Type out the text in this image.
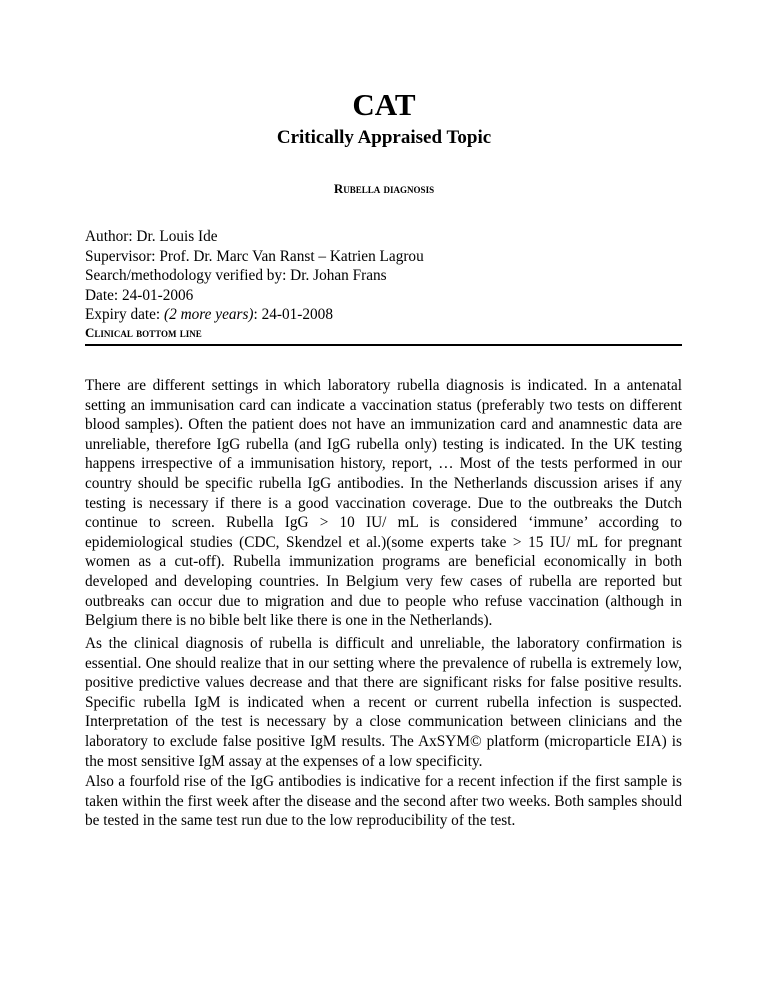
CAT
Critically Appraised Topic
Rubella diagnosis
Author: Dr. Louis Ide
Supervisor: Prof. Dr. Marc Van Ranst – Katrien Lagrou
Search/methodology verified by: Dr. Johan Frans
Date: 24-01-2006
Expiry date: (2 more years): 24-01-2008
Clinical bottom line

There are different settings in which laboratory rubella diagnosis is indicated. In a antenatal setting an immunisation card can indicate a vaccination status (preferably two tests on different blood samples). Often the patient does not have an immunization card and anamnestic data are unreliable, therefore IgG rubella (and IgG rubella only) testing is indicated. In the UK testing happens irrespective of a immunisation history, report, … Most of the tests performed in our country should be specific rubella IgG antibodies. In the Netherlands discussion arises if any testing is necessary if there is a good vaccination coverage. Due to the outbreaks the Dutch continue to screen. Rubella IgG > 10 IU/ mL is considered ‘immune’ according to epidemiological studies (CDC, Skendzel et al.)(some experts take > 15 IU/ mL for pregnant women as a cut-off). Rubella immunization programs are beneficial economically in both developed and developing countries. In Belgium very few cases of rubella are reported but outbreaks can occur due to migration and due to people who refuse vaccination (although in Belgium there is no bible belt like there is one in the Netherlands).

As the clinical diagnosis of rubella is difficult and unreliable, the laboratory confirmation is essential. One should realize that in our setting where the prevalence of rubella is extremely low, positive predictive values decrease and that there are significant risks for false positive results. Specific rubella IgM is indicated when a recent or current rubella infection is suspected. Interpretation of the test is necessary by a close communication between clinicians and the laboratory to exclude false positive IgM results. The AxSYM© platform (microparticle EIA) is the most sensitive IgM assay at the expenses of a low specificity.

Also a fourfold rise of the IgG antibodies is indicative for a recent infection if the first sample is taken within the first week after the disease and the second after two weeks. Both samples should be tested in the same test run due to the low reproducibility of the test.
